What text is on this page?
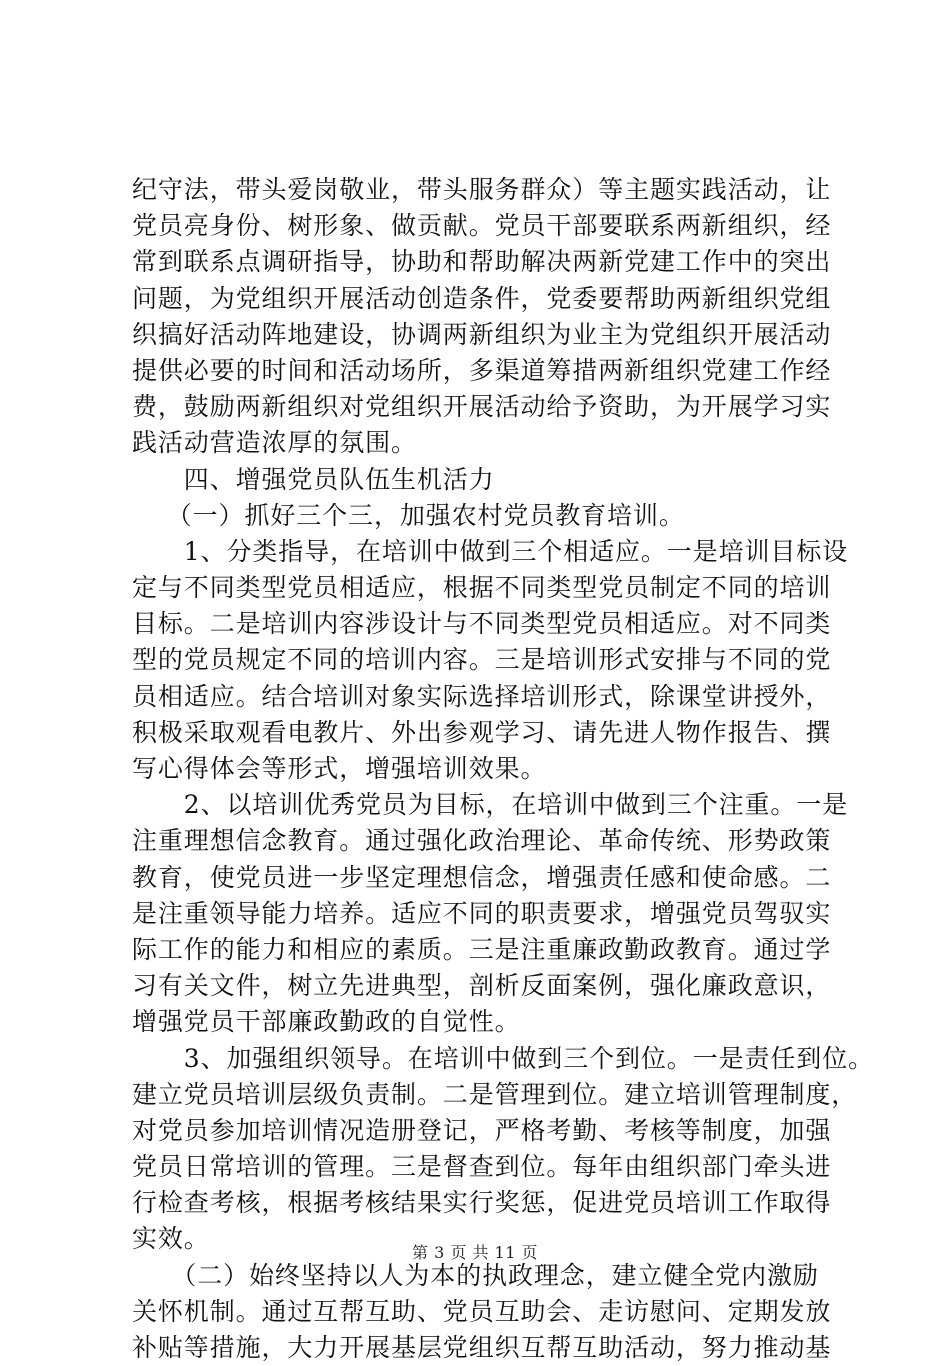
纪守法，带头爱岗敬业，带头服务群众）等主题实践活动，让
党员亮身份、树形象、做贡献。党员干部要联系两新组织，经
常到联系点调研指导，协助和帮助解决两新党建工作中的突出
问题，为党组织开展活动创造条件，党委要帮助两新组织党组
织搞好活动阵地建设，协调两新组织为业主为党组织开展活动
提供必要的时间和活动场所，多渠道筹措两新组织党建工作经
费，鼓励两新组织对党组织开展活动给予资助，为开展学习实
践活动营造浓厚的氛围。
　　四、增强党员队伍生机活力
　 （一）抓好三个三，加强农村党员教育培训。
　　1、分类指导，在培训中做到三个相适应。一是培训目标设
定与不同类型党员相适应，根据不同类型党员制定不同的培训
目标。二是培训内容涉设计与不同类型党员相适应。对不同类
型的党员规定不同的培训内容。三是培训形式安排与不同的党
员相适应。结合培训对象实际选择培训形式，除课堂讲授外，
积极采取观看电教片、外出参观学习、请先进人物作报告、撰
写心得体会等形式，增强培训效果。
　　2、以培训优秀党员为目标，在培训中做到三个注重。一是
注重理想信念教育。通过强化政治理论、革命传统、形势政策
教育，使党员进一步坚定理想信念，增强责任感和使命感。二
是注重领导能力培养。适应不同的职责要求，增强党员驾驭实
际工作的能力和相应的素质。三是注重廉政勤政教育。通过学
习有关文件，树立先进典型，剖析反面案例，强化廉政意识，
增强党员干部廉政勤政的自觉性。
　　3、加强组织领导。在培训中做到三个到位。一是责任到位。
建立党员培训层级负责制。二是管理到位。建立培训管理制度，
对党员参加培训情况造册登记，严格考勤、考核等制度，加强
党员日常培训的管理。三是督查到位。每年由组织部门牵头进
行检查考核，根据考核结果实行奖惩，促进党员培训工作取得
实效。
　　（二）始终坚持以人为本的执政理念，建立健全党内激励
关怀机制。通过互帮互助、党员互助会、走访慰问、定期发放
补贴等措施，大力开展基层党组织互帮互助活动，努力推动基
第 3 页 共 11 页
